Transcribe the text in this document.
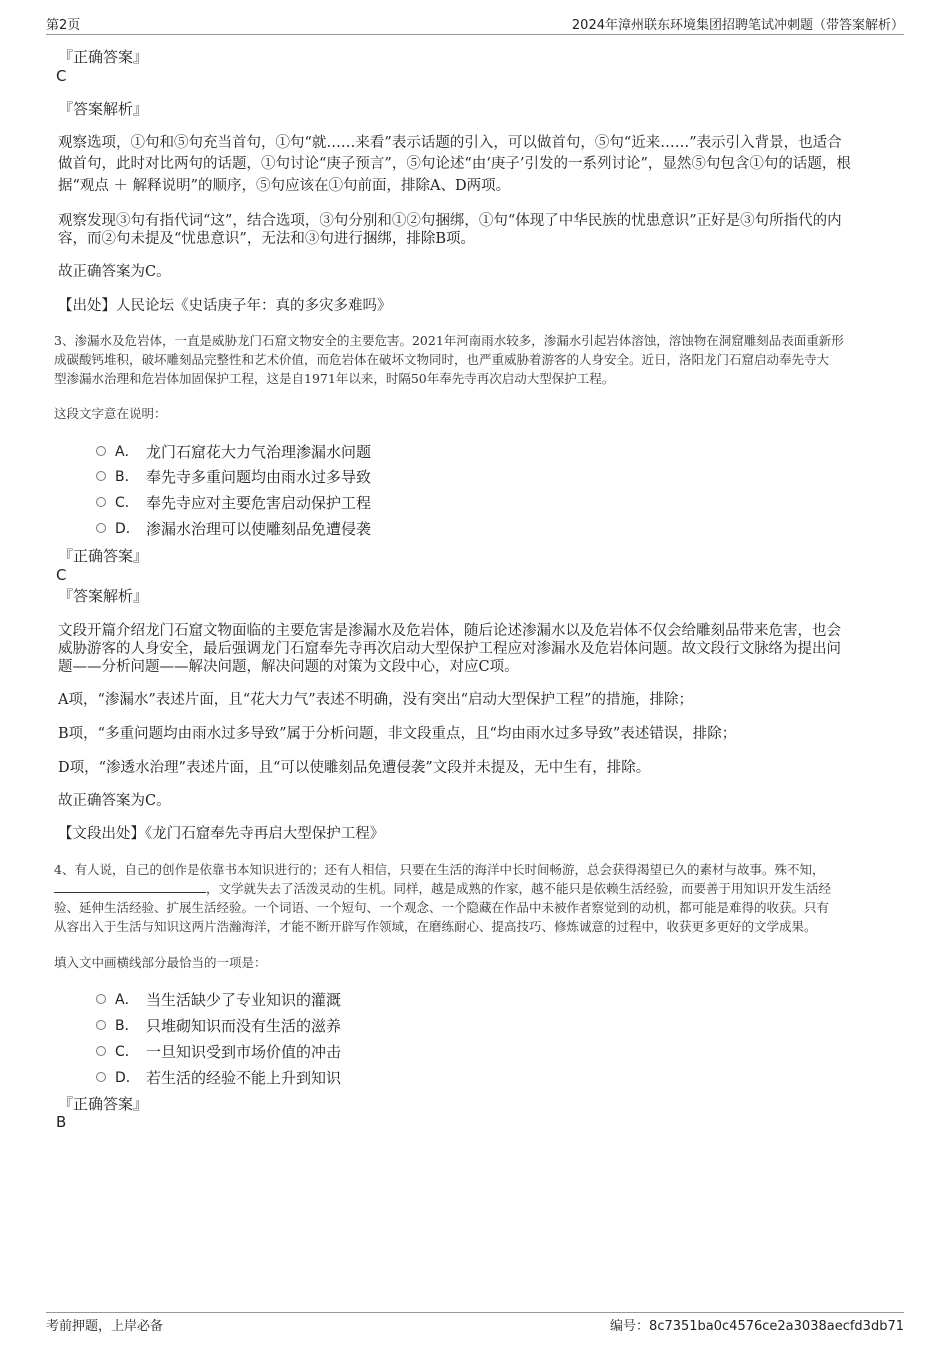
第2页	2024年漳州联东环境集团招聘笔试冲刺题（带答案解析）
『正确答案』
C
『答案解析』
观察选项，①句和⑤句充当首句，①句“就……来看”表示话题的引入，可以做首句，⑤句“近来……”表示引入背景，也适合
做首句，此时对比两句的话题，①句讨论“庚子预言”，⑤句论述“由‘庚子’引发的一系列讨论”，显然⑤句包含①句的话题，根
据“观点 ＋ 解释说明”的顺序，⑤句应该在①句前面，排除A、D两项。
观察发现③句有指代词“这”，结合选项，③句分别和①②句捆绑，①句“体现了中华民族的忧患意识”正好是③句所指代的内
容，而②句未提及“忧患意识”，无法和③句进行捆绑，排除B项。
故正确答案为C。
【出处】人民论坛《史话庚子年：真的多灾多难吗》
3、渗漏水及危岩体，一直是威胁龙门石窟文物安全的主要危害。2021年河南雨水较多，渗漏水引起岩体溶蚀，溶蚀物在洞窟雕刻品表面重新形
成碳酸钙堆积，破坏雕刻品完整性和艺术价值，而危岩体在破坏文物同时，也严重威胁着游客的人身安全。近日，洛阳龙门石窟启动奉先寺大
型渗漏水治理和危岩体加固保护工程，这是自1971年以来，时隔50年奉先寺再次启动大型保护工程。
这段文字意在说明：
A． 龙门石窟花大力气治理渗漏水问题
B． 奉先寺多重问题均由雨水过多导致
C． 奉先寺应对主要危害启动保护工程
D． 渗漏水治理可以使雕刻品免遭侵袭
『正确答案』
C
『答案解析』
文段开篇介绍龙门石窟文物面临的主要危害是渗漏水及危岩体，随后论述渗漏水以及危岩体不仅会给雕刻品带来危害，也会
威胁游客的人身安全，最后强调龙门石窟奉先寺再次启动大型保护工程应对渗漏水及危岩体问题。故文段行文脉络为提出问
题——分析问题——解决问题，解决问题的对策为文段中心，对应C项。
A项，“渗漏水”表述片面，且“花大力气”表述不明确，没有突出“启动大型保护工程”的措施，排除；
B项，“多重问题均由雨水过多导致”属于分析问题，非文段重点，且“均由雨水过多导致”表述错误，排除；
D项，“渗透水治理”表述片面，且“可以使雕刻品免遭侵袭”文段并未提及，无中生有，排除。
故正确答案为C。
【文段出处】《龙门石窟奉先寺再启大型保护工程》
4、有人说，自己的创作是依靠书本知识进行的；还有人相信，只要在生活的海洋中长时间畅游，总会获得渴望已久的素材与故事。殊不知，
，文学就失去了活泼灵动的生机。同样，越是成熟的作家，越不能只是依赖生活经验，而要善于用知识开发生活经
验、延伸生活经验、扩展生活经验。一个词语、一个短句、一个观念、一个隐藏在作品中未被作者察觉到的动机，都可能是难得的收获。只有
从容出入于生活与知识这两片浩瀚海洋，才能不断开辟写作领域，在磨练耐心、提高技巧、修炼诚意的过程中，收获更多更好的文学成果。
填入文中画横线部分最恰当的一项是：
A． 当生活缺少了专业知识的灌溉
B． 只堆砌知识而没有生活的滋养
C． 一旦知识受到市场价值的冲击
D． 若生活的经验不能上升到知识
『正确答案』
B
考前押题，上岸必备	编号：8c7351ba0c4576ce2a3038aecfd3db71
